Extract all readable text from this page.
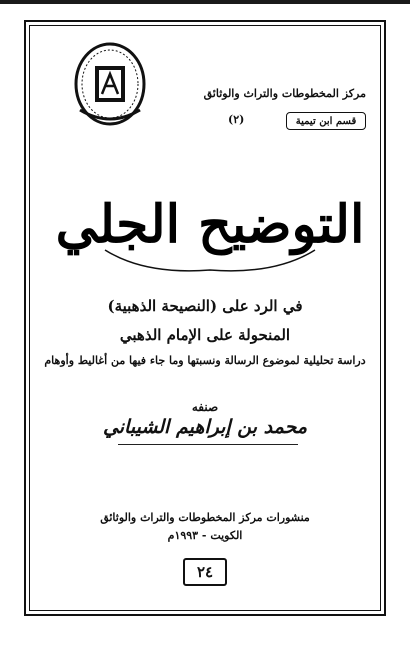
مركز المخطوطات والتراث والوثائق
قسم ابن تيمية
(٢)
التوضيح الجلي
في الرد على (النصيحة الذهبية)
المنحولة على الإمام الذهبي
دراسة تحليلية لموضوع الرسالة ونسبتها وما جاء فيها من أغاليط وأوهام
صنفه
محمد بن إبراهيم الشيباني
منشورات مركز المخطوطات والتراث والوثائق
الكويت - ١٩٩٣م
٢٤
